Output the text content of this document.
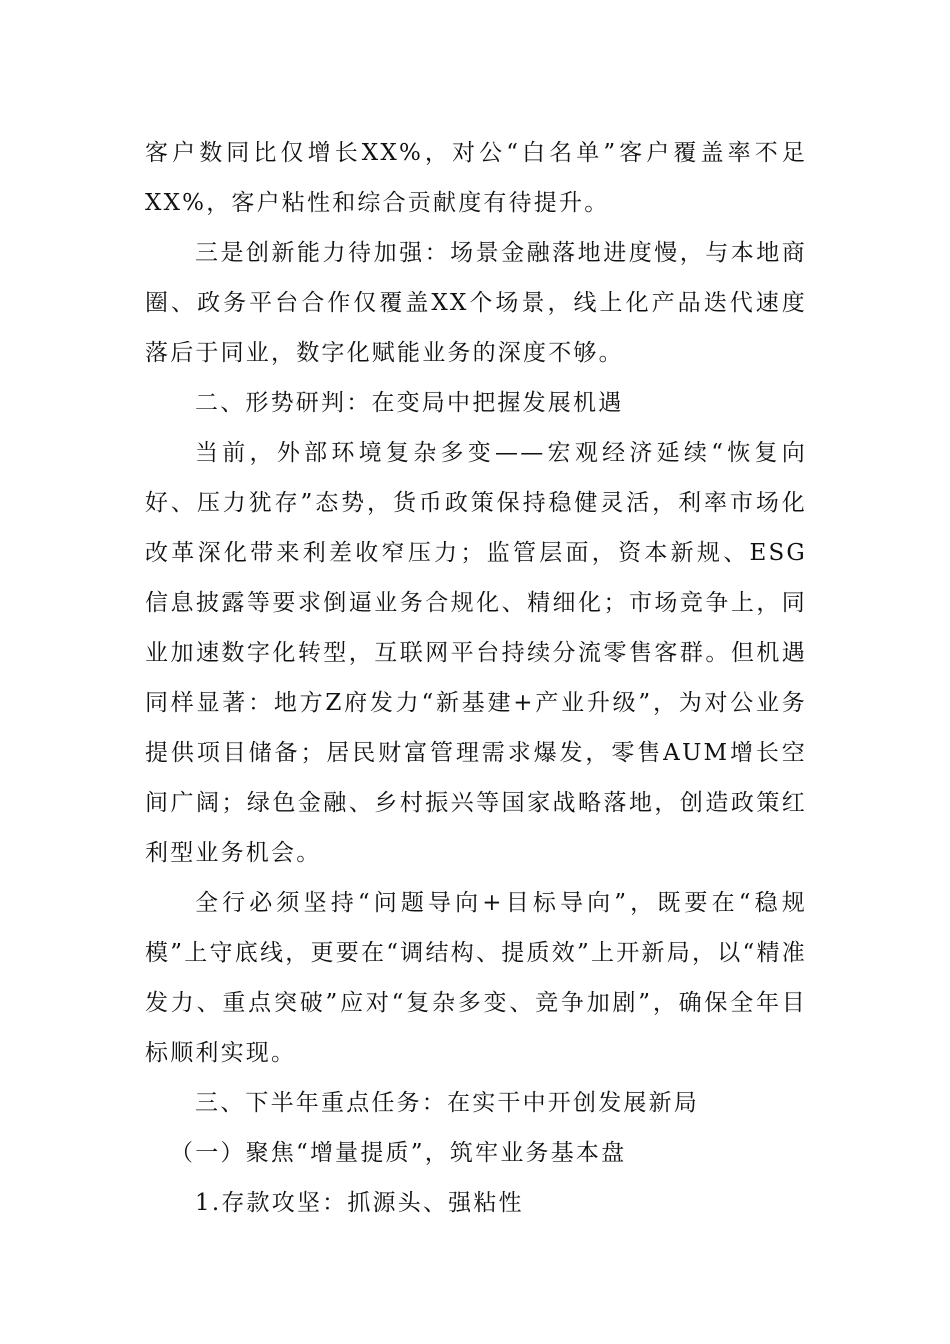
客户数同比仅增长XX%，对公“白名单”客户覆盖率不足XX%，客户粘性和综合贡献度有待提升。

三是创新能力待加强：场景金融落地进度慢，与本地商圈、政务平台合作仅覆盖XX个场景，线上化产品迭代速度落后于同业，数字化赋能业务的深度不够。

二、形势研判：在变局中把握发展机遇

当前，外部环境复杂多变——宏观经济延续“恢复向好、压力犹存”态势，货币政策保持稳健灵活，利率市场化改革深化带来利差收窄压力；监管层面，资本新规、ESG信息披露等要求倒逼业务合规化、精细化；市场竞争上，同业加速数字化转型，互联网平台持续分流零售客群。但机遇同样显著：地方Z府发力“新基建+产业升级”，为对公业务提供项目储备；居民财富管理需求爆发，零售AUM增长空间广阔；绿色金融、乡村振兴等国家战略落地，创造政策红利型业务机会。

全行必须坚持“问题导向+目标导向”，既要在“稳规模”上守底线，更要在“调结构、提质效”上开新局，以“精准发力、重点突破”应对“复杂多变、竞争加剧”，确保全年目标顺利实现。

三、下半年重点任务：在实干中开创发展新局

（一）聚焦“增量提质”，筑牢业务基本盘

1.存款攻坚：抓源头、强粘性
